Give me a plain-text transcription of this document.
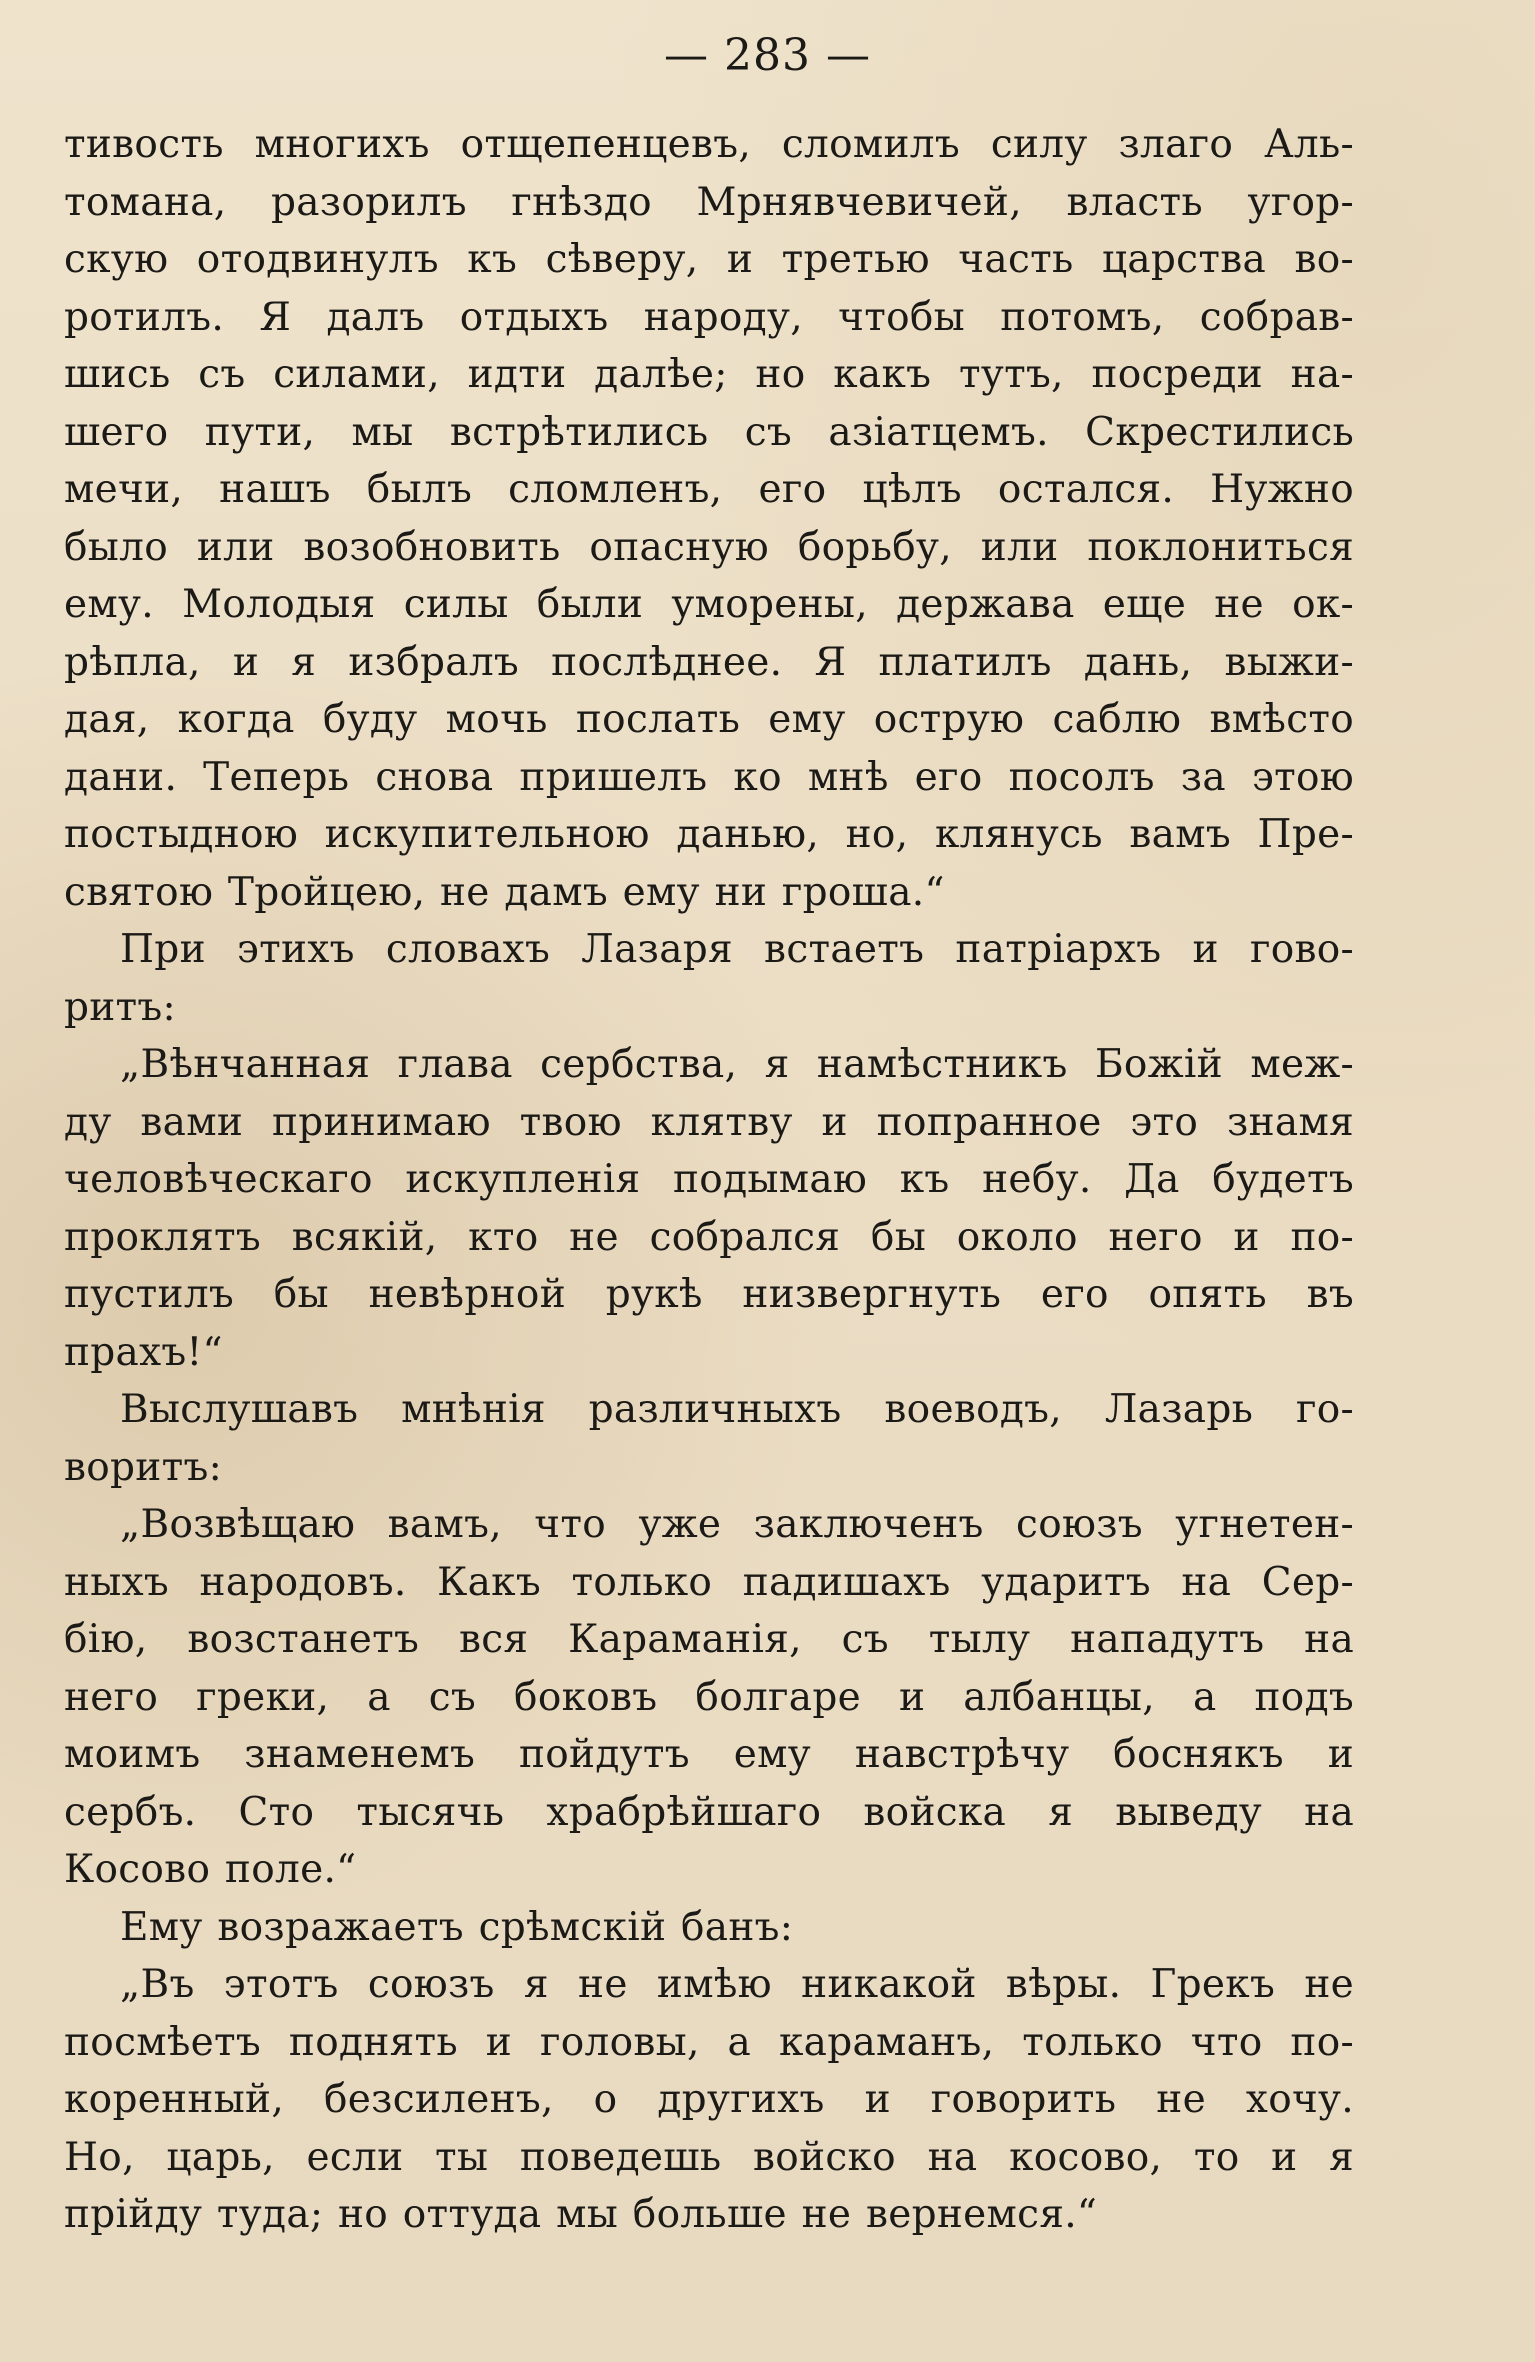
— 283 —
тивость многихъ отщепенцевъ, сломилъ силу злаго Аль-
томана, разорилъ гнѣздо Мрнявчевичей, власть угор-
скую отодвинулъ къ сѣверу, и третью часть царства во-
ротилъ. Я далъ отдыхъ народу, чтобы потомъ, собрав-
шись съ силами, идти далѣе; но какъ тутъ, посреди на-
шего пути, мы встрѣтились съ азіатцемъ. Скрестились
мечи, нашъ былъ сломленъ, его цѣлъ остался. Нужно
было или возобновить опасную борьбу, или поклониться
ему. Молодыя силы были уморены, держава еще не ок-
рѣпла, и я избралъ послѣднее. Я платилъ дань, выжи-
дая, когда буду мочь послать ему острую саблю вмѣсто
дани. Теперь снова пришелъ ко мнѣ его посолъ за этою
постыдною искупительною данью, но, клянусь вамъ Пре-
святою Тройцею, не дамъ ему ни гроша.“
При этихъ словахъ Лазаря встаетъ патріархъ и гово-
ритъ:
„Вѣнчанная глава сербства, я намѣстникъ Божій меж-
ду вами принимаю твою клятву и попранное это знамя
человѣческаго искупленія подымаю къ небу. Да будетъ
проклятъ всякій, кто не собрался бы около него и по-
пустилъ бы невѣрной рукѣ низвергнуть его опять въ
прахъ!“
Выслушавъ мнѣнія различныхъ воеводъ, Лазарь го-
воритъ:
„Возвѣщаю вамъ, что уже заключенъ союзъ угнетен-
ныхъ народовъ. Какъ только падишахъ ударитъ на Сер-
бію, возстанетъ вся Караманія, съ тылу нападутъ на
него греки, а съ боковъ болгаре и албанцы, а подъ
моимъ знаменемъ пойдутъ ему навстрѣчу боснякъ и
сербъ. Сто тысячь храбрѣйшаго войска я выведу на
Косово поле.“
Ему возражаетъ срѣмскій банъ:
„Въ этотъ союзъ я не имѣю никакой вѣры. Грекъ не
посмѣетъ поднять и головы, а караманъ, только что по-
коренный, безсиленъ, о другихъ и говорить не хочу.
Но, царь, если ты поведешь войско на косово, то и я
прійду туда; но оттуда мы больше не вернемся.“
